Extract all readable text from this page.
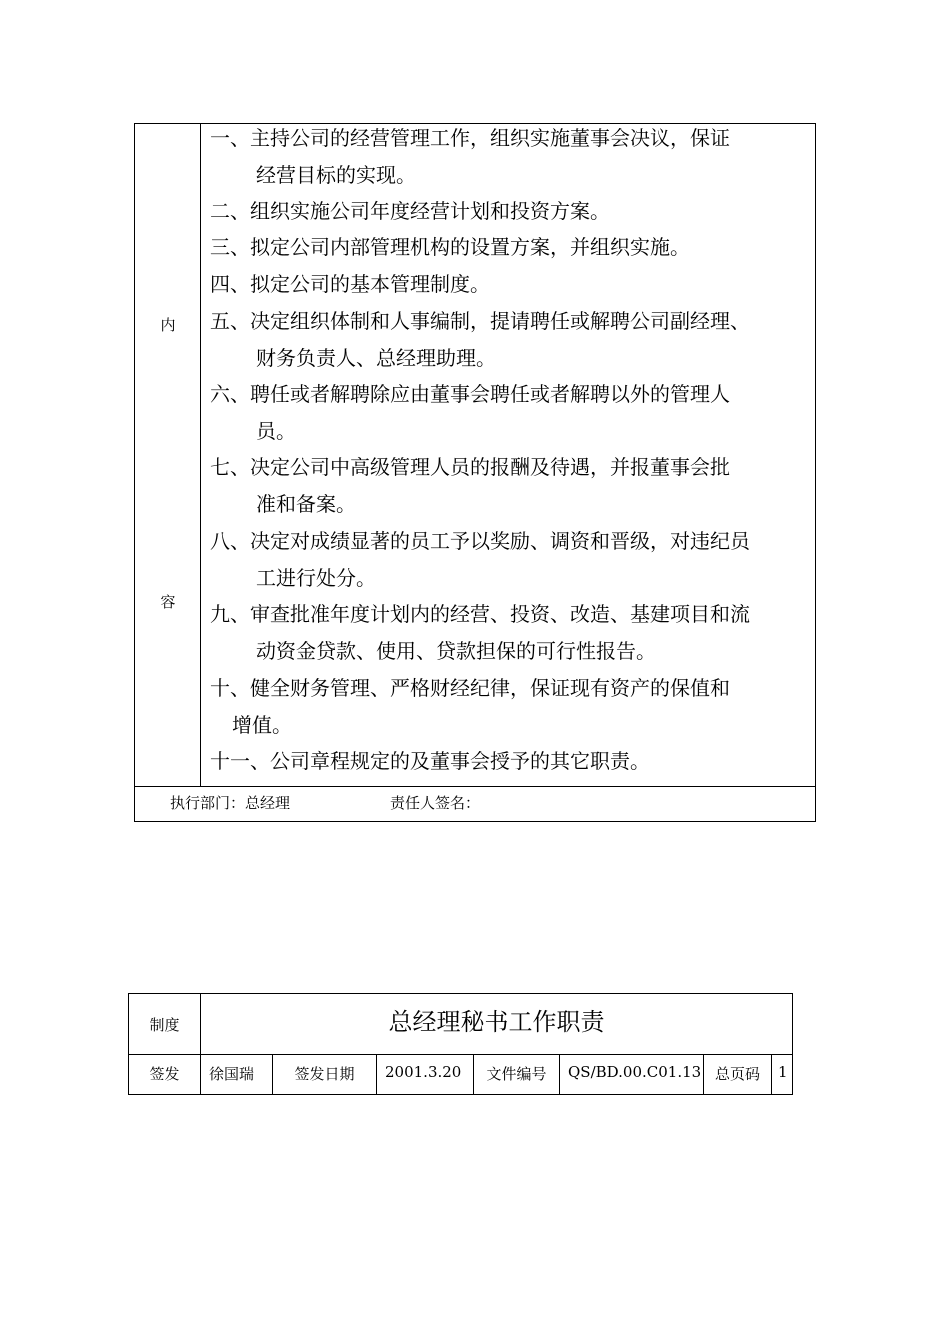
内
容
一、主持公司的经营管理工作，组织实施董事会决议，保证
经营目标的实现。
二、组织实施公司年度经营计划和投资方案。
三、拟定公司内部管理机构的设置方案，并组织实施。
四、拟定公司的基本管理制度。
五、决定组织体制和人事编制，提请聘任或解聘公司副经理、
财务负责人、总经理助理。
六、聘任或者解聘除应由董事会聘任或者解聘以外的管理人
员。
七、决定公司中高级管理人员的报酬及待遇，并报董事会批
准和备案。
八、决定对成绩显著的员工予以奖励、调资和晋级，对违纪员
工进行处分。
九、审查批准年度计划内的经营、投资、改造、基建项目和流
动资金贷款、使用、贷款担保的可行性报告。
十、健全财务管理、严格财经纪律，保证现有资产的保值和
增值。
十一、公司章程规定的及董事会授予的其它职责。
执行部门：总经理	责任人签名：
制度	总经理秘书工作职责						
签发	徐国瑞	签发日期	2001.3.20	文件编号	QS/BD.00.C01.13	总页码	1
